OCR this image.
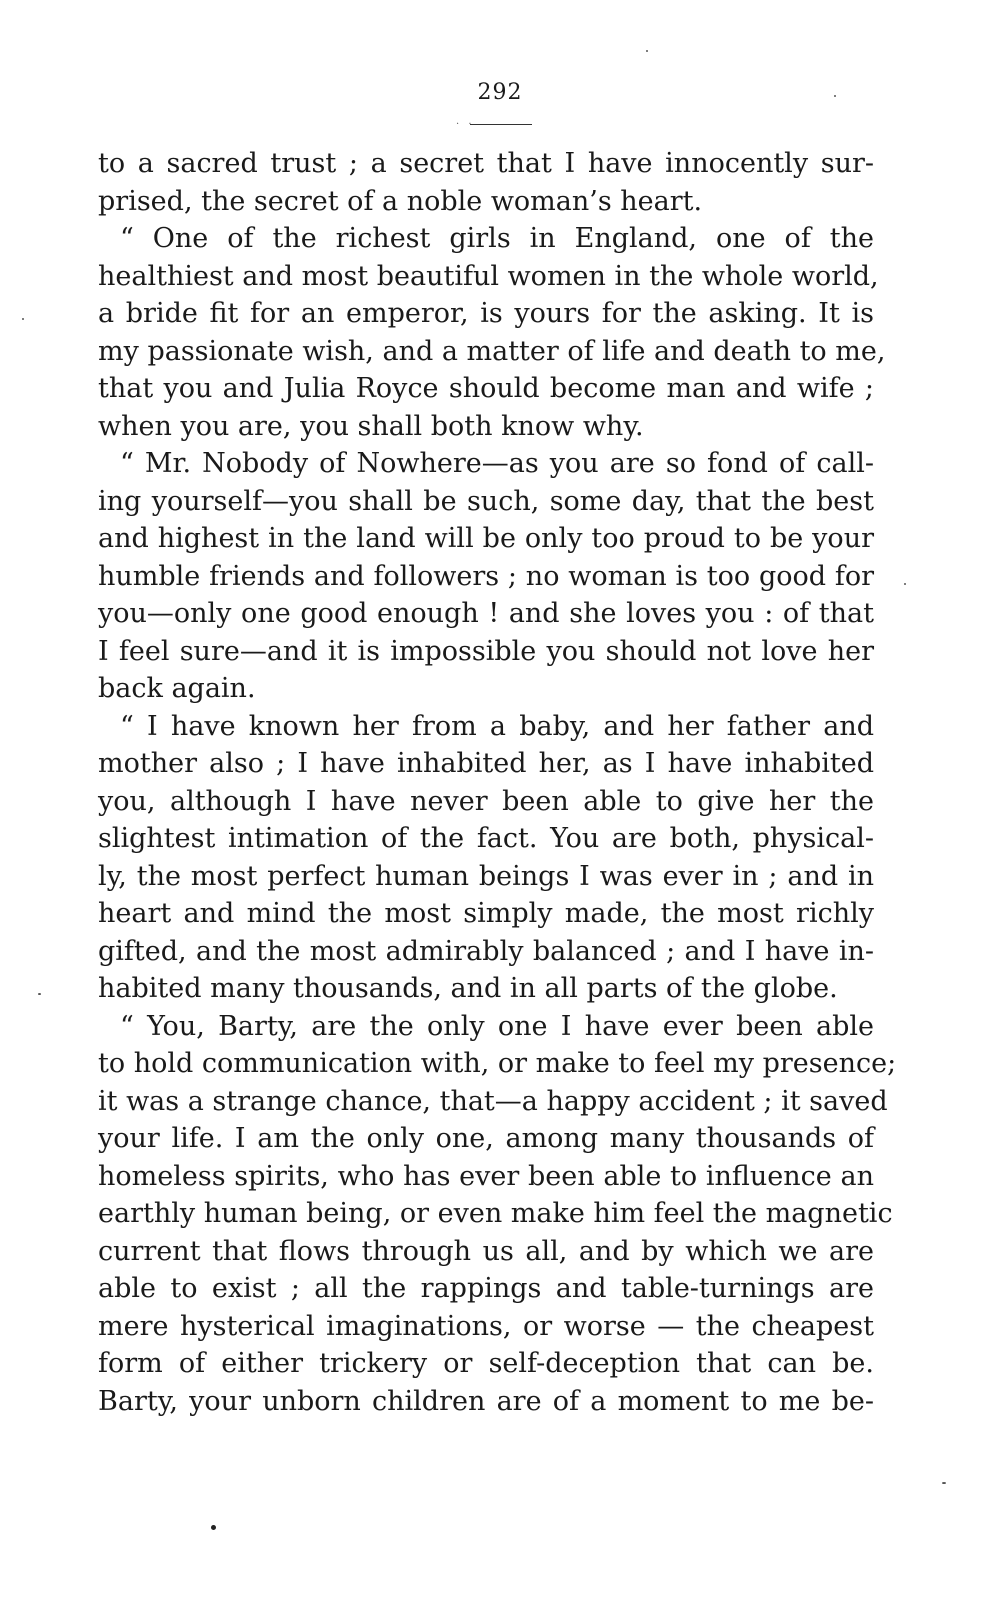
292
· ·
to a sacred trust ; a secret that I have innocently sur-
prised, the secret of a noble woman’s heart.
“ One of the richest girls in England, one of the
healthiest and most beautiful women in the whole world,
a bride fit for an emperor, is yours for the asking. It is
my passionate wish, and a matter of life and death to me,
that you and Julia Royce should become man and wife ;
when you are, you shall both know why.
“ Mr. Nobody of Nowhere—as you are so fond of call-
ing yourself—you shall be such, some day, that the best
and highest in the land will be only too proud to be your
humble friends and followers ; no woman is too good for
you—only one good enough ! and she loves you : of that
I feel sure—and it is impossible you should not love her
back again.
“ I have known her from a baby, and her father and
mother also ; I have inhabited her, as I have inhabited
you, although I have never been able to give her the
slightest intimation of the fact. You are both, physical-
ly, the most perfect human beings I was ever in ; and in
heart and mind the most simply made, the most richly
gifted, and the most admirably balanced ; and I have in-
habited many thousands, and in all parts of the globe.
“ You, Barty, are the only one I have ever been able
to hold communication with, or make to feel my presence;
it was a strange chance, that—a happy accident ; it saved
your life. I am the only one, among many thousands of
homeless spirits, who has ever been able to influence an
earthly human being, or even make him feel the magnetic
current that flows through us all, and by which we are
able to exist ; all the rappings and table-turnings are
mere hysterical imaginations, or worse — the cheapest
form of either trickery or self-deception that can be.
Barty, your unborn children are of a moment to me be-
